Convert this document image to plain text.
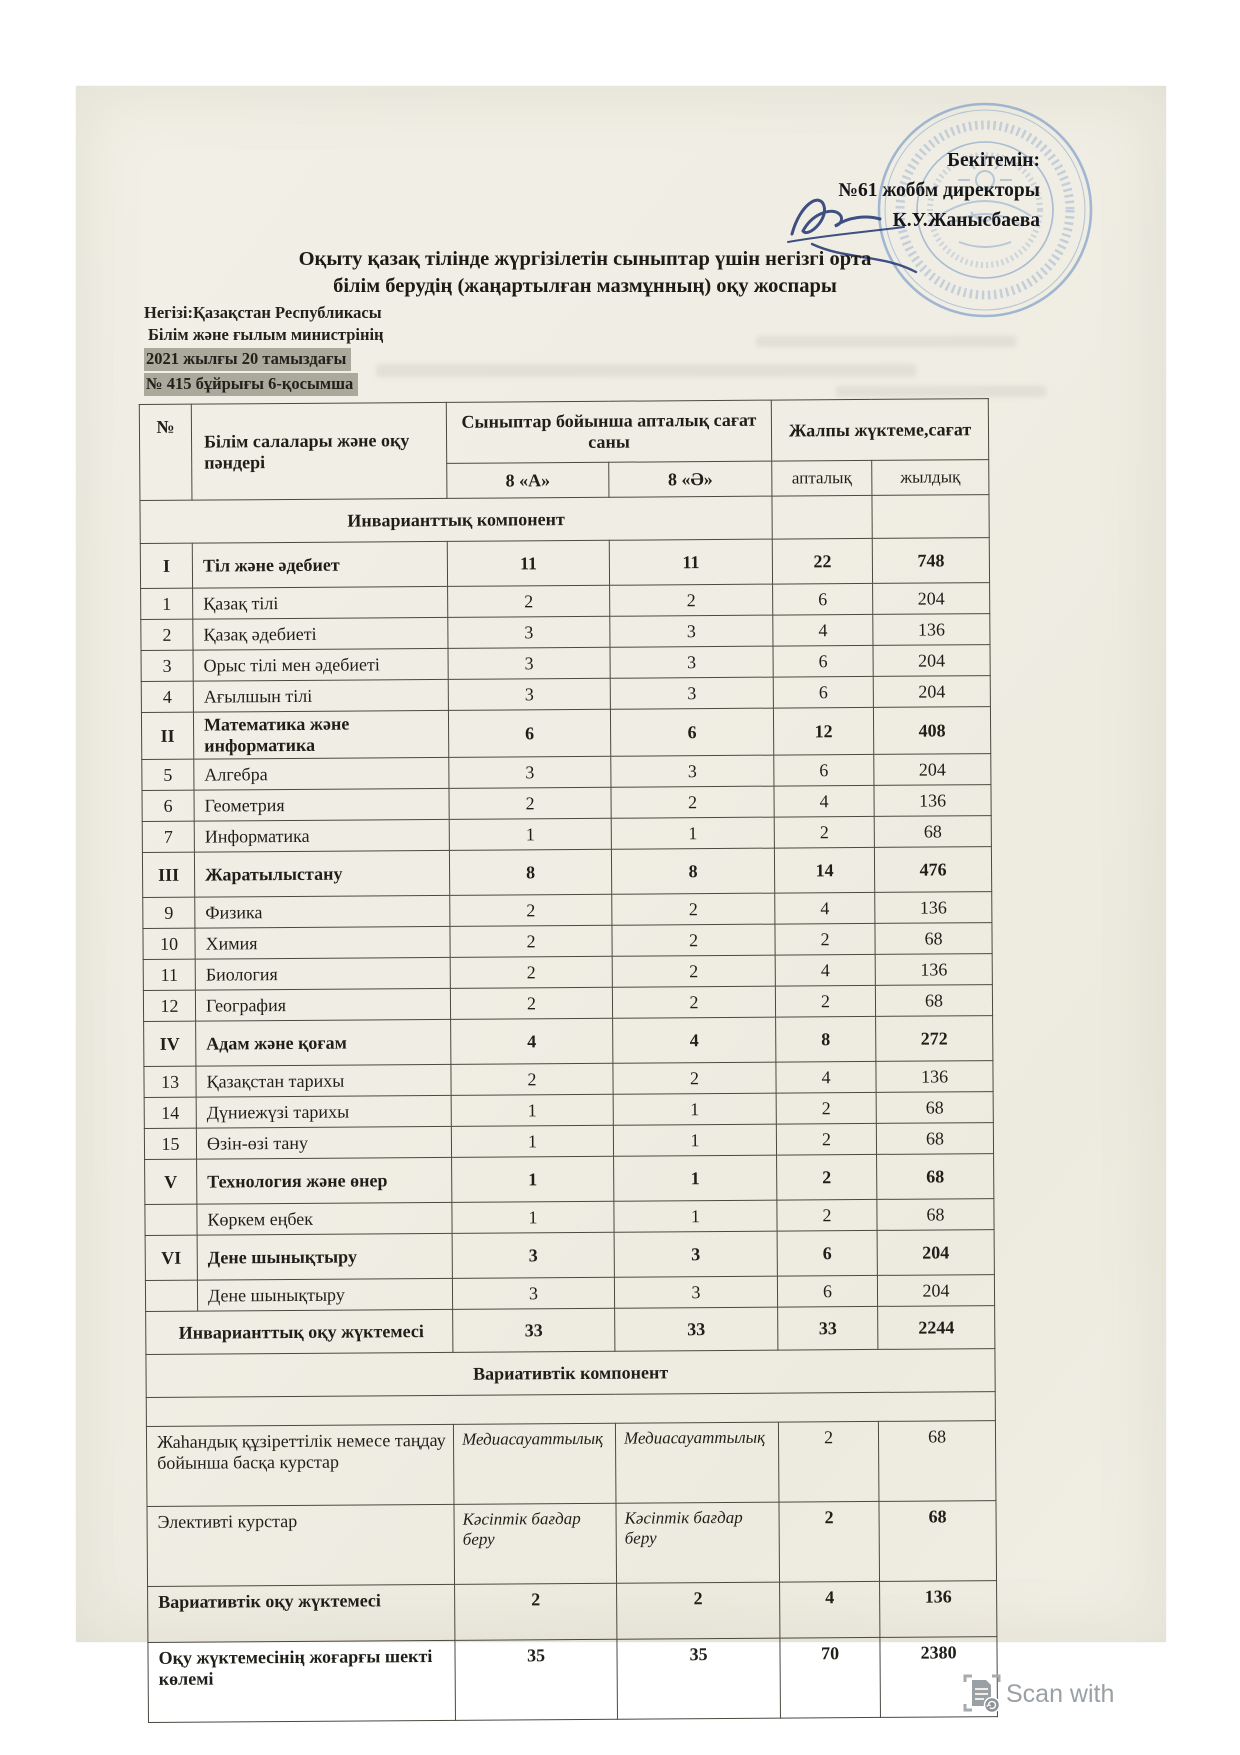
Бекітемін:
№61 жоббм директоры
К.У.Жанысбаева
Оқыту қазақ тілінде жүргізілетін сыныптар үшін негізгі орта
білім берудің (жаңартылған мазмұнның) оқу жоспары
Негізі:Қазақстан Республикасы
Білім және ғылым министрінің
2021 жылғы 20 тамыздағы
№ 415 бұйрығы 6-қосымша
№	Білім салалары және оқу пәндері	Сыныптар бойынша апталық сағат саны		Жалпы жүктеме,сағат	
		8 «А»	8 «Ә»	апталық	жылдық
Инварианттық компонент					
I	Тіл және әдебиет	11	11	22	748
1	Қазақ тілі	2	2	6	204
2	Қазақ әдебиеті	3	3	4	136
3	Орыс тілі мен әдебиеті	3	3	6	204
4	Ағылшын тілі	3	3	6	204
II	Математика және информатика	6	6	12	408
5	Алгебра	3	3	6	204
6	Геометрия	2	2	4	136
7	Информатика	1	1	2	68
III	Жаратылыстану	8	8	14	476
9	Физика	2	2	4	136
10	Химия	2	2	2	68
11	Биология	2	2	4	136
12	География	2	2	2	68
IV	Адам және қоғам	4	4	8	272
13	Қазақстан тарихы	2	2	4	136
14	Дүниежүзі тарихы	1	1	2	68
15	Өзін-өзі тану	1	1	2	68
V	Технология және өнер	1	1	2	68
	Көркем еңбек	1	1	2	68
VI	Дене шынықтыру	3	3	6	204
	Дене шынықтыру	3	3	6	204
Инварианттық оқу жүктемесі		33	33	33	2244
Вариативтік компонент					

Жаһандық құзіреттілік немесе таңдау бойынша басқа курстар		Медиасауаттылық	Медиасауаттылық	2	68
Элективті курстар		Кәсіптік бағдар беру	Кәсіптік бағдар беру	2	68
Вариативтік оқу жүктемесі		2	2	4	136
Оқу жүктемесінің жоғарғы шекті көлемі		35	35	70	2380
Scan with
